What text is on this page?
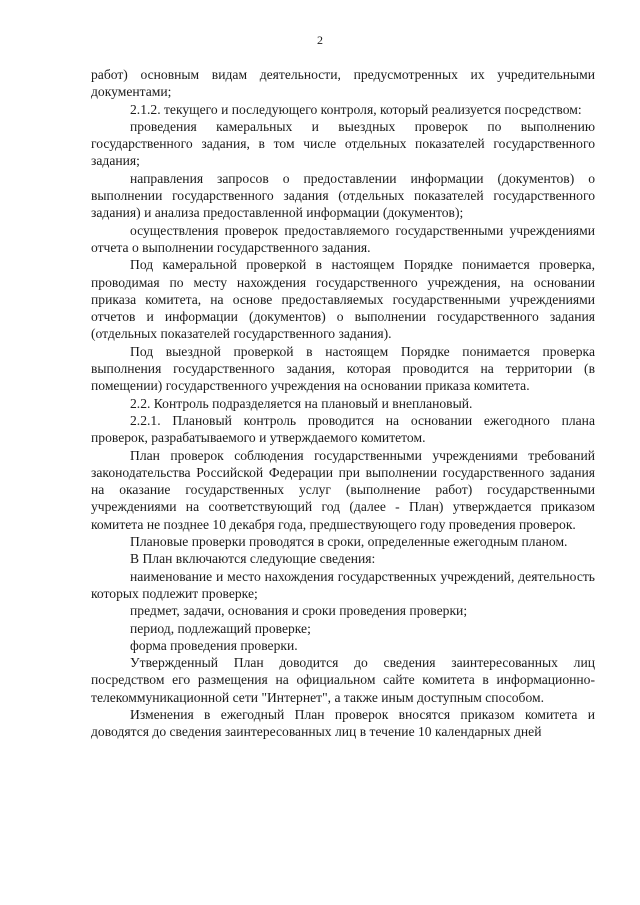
2

работ) основным видам деятельности, предусмотренных их учредительными документами;

2.1.2. текущего и последующего контроля, который реализуется посредством:

проведения камеральных и выездных проверок по выполнению государственного задания, в том числе отдельных показателей государственного задания;

направления запросов о предоставлении информации (документов) о выполнении государственного задания (отдельных показателей государственного задания) и анализа предоставленной информации (документов);

осуществления проверок предоставляемого государственными учреждениями отчета о выполнении государственного задания.

Под камеральной проверкой в настоящем Порядке понимается проверка, проводимая по месту нахождения государственного учреждения, на основании приказа комитета, на основе предоставляемых государственными учреждениями отчетов и информации (документов) о выполнении государственного задания (отдельных показателей государственного задания).

Под выездной проверкой в настоящем Порядке понимается проверка выполнения государственного задания, которая проводится на территории (в помещении) государственного учреждения на основании приказа комитета.

2.2. Контроль подразделяется на плановый и внеплановый.

2.2.1. Плановый контроль проводится на основании ежегодного плана проверок, разрабатываемого и утверждаемого комитетом.

План проверок соблюдения государственными учреждениями требований законодательства Российской Федерации при выполнении государственного задания на оказание государственных услуг (выполнение работ) государственными учреждениями на соответствующий год (далее - План) утверждается приказом комитета не позднее 10 декабря года, предшествующего году проведения проверок.

Плановые проверки проводятся в сроки, определенные ежегодным планом.

В План включаются следующие сведения:

наименование и место нахождения государственных учреждений, деятельность которых подлежит проверке;

предмет, задачи, основания и сроки проведения проверки;

период, подлежащий проверке;

форма проведения проверки.

Утвержденный План доводится до сведения заинтересованных лиц посредством его размещения на официальном сайте комитета в информационно-телекоммуникационной сети "Интернет", а также иным доступным способом.

Изменения в ежегодный План проверок вносятся приказом комитета и доводятся до сведения заинтересованных лиц в течение 10 календарных дней
